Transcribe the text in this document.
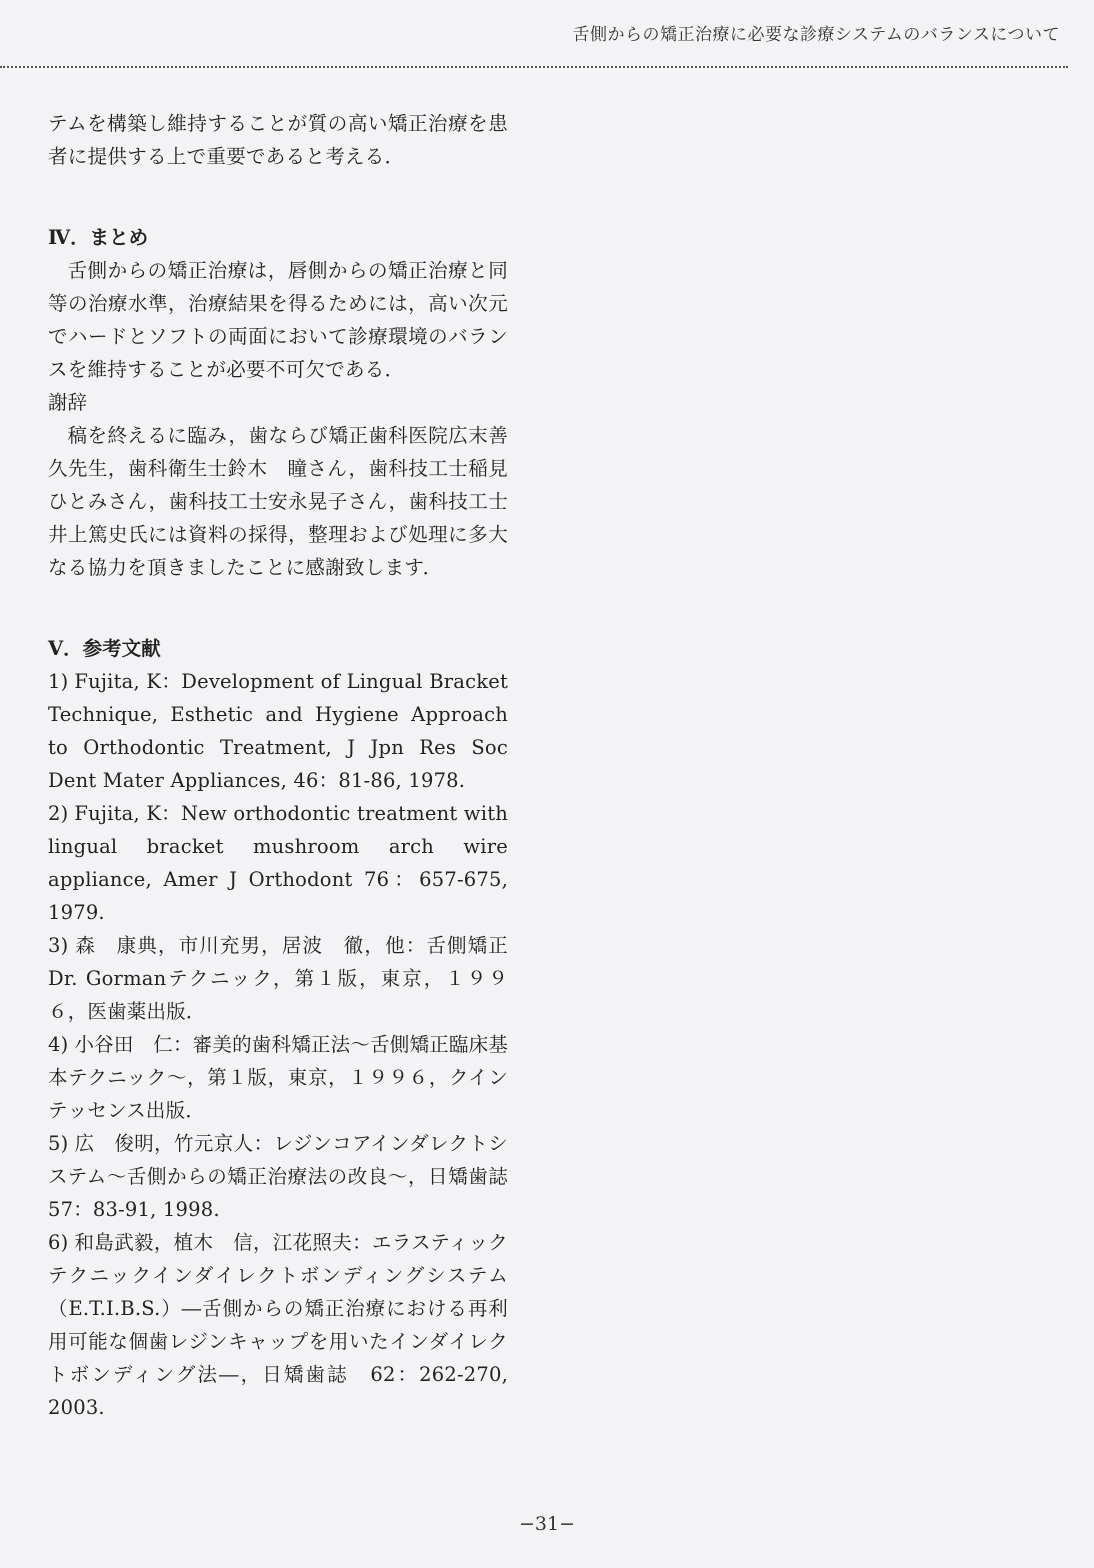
舌側からの矯正治療に必要な診療システムのバランスについて

テムを構築し維持することが質の高い矯正治療を患者に提供する上で重要であると考える．

Ⅳ．まとめ

舌側からの矯正治療は，唇側からの矯正治療と同等の治療水準，治療結果を得るためには，高い次元でハードとソフトの両面において診療環境のバランスを維持することが必要不可欠である．

謝辞

稿を終えるに臨み，歯ならび矯正歯科医院広末善久先生，歯科衛生士鈴木　瞳さん，歯科技工士稲見ひとみさん，歯科技工士安永晃子さん，歯科技工士井上篤史氏には資料の採得，整理および処理に多大なる協力を頂きましたことに感謝致します．

Ⅴ．参考文献

1) Fujita, K：Development of Lingual Bracket Technique, Esthetic and Hygiene Approach to Orthodontic Treatment, J Jpn Res Soc Dent Mater Appliances, 46：81-86, 1978.

2) Fujita, K：New orthodontic treatment with lingual bracket mushroom arch wire appliance, Amer J Orthodont 76：657-675, 1979.

3) 森　康典，市川充男，居波　徹，他：舌側矯正Dr. Gormanテクニック，第１版，東京，１９９６，医歯薬出版．

4) 小谷田　仁：審美的歯科矯正法～舌側矯正臨床基本テクニック～，第１版，東京，１９９６，クインテッセンス出版．

5) 広　俊明，竹元京人：レジンコアインダレクトシステム～舌側からの矯正治療法の改良～，日矯歯誌　57：83-91, 1998.

6) 和島武毅，植木　信，江花照夫：エラスティックテクニックインダイレクトボンディングシステム（E.T.I.B.S.）―舌側からの矯正治療における再利用可能な個歯レジンキャップを用いたインダイレクトボンディング法―，日矯歯誌　62：262-270, 2003.

−31−
